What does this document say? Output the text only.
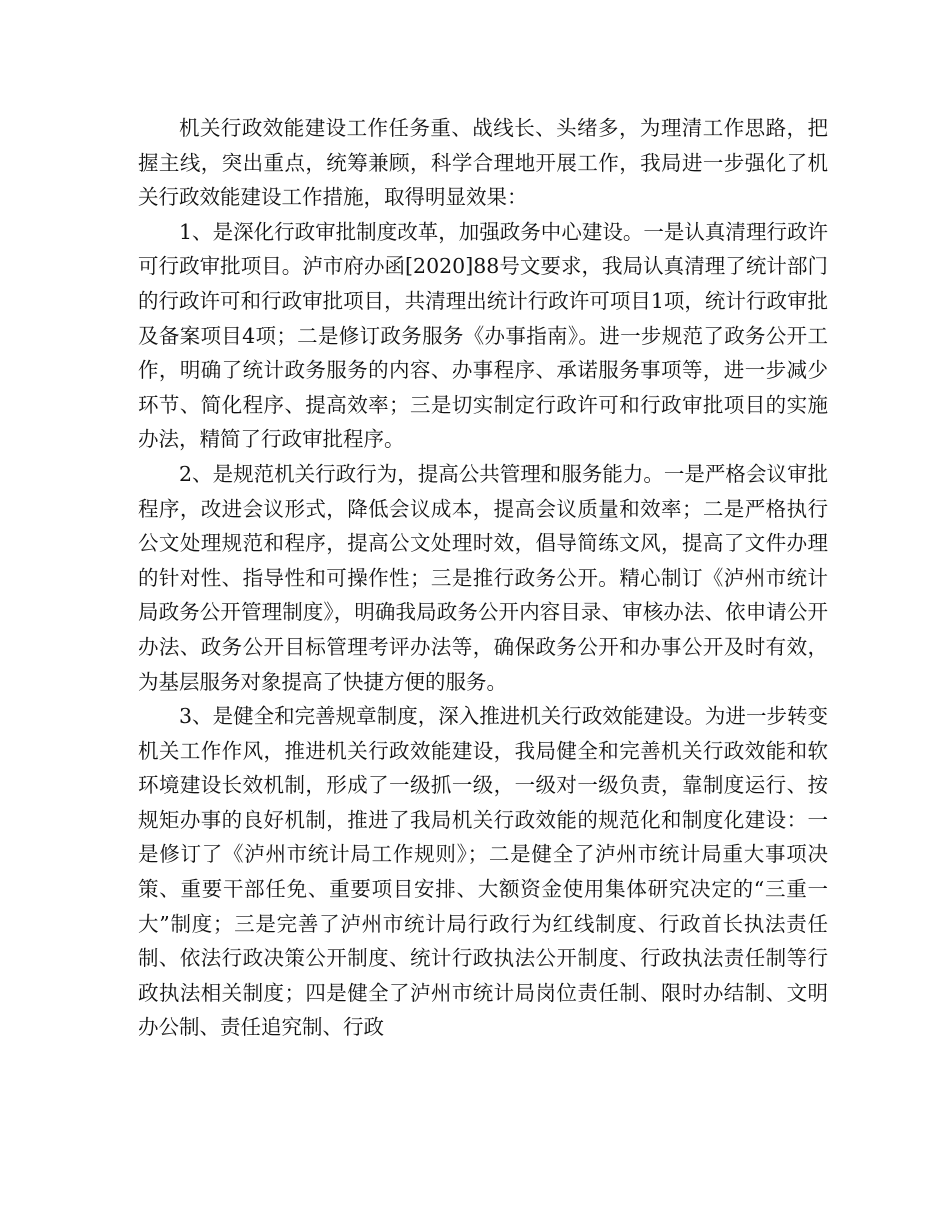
机关行政效能建设工作任务重、战线长、头绪多，为理清工作思路，把握主线，突出重点，统筹兼顾，科学合理地开展工作，我局进一步强化了机关行政效能建设工作措施，取得明显效果：

1、是深化行政审批制度改革，加强政务中心建设。一是认真清理行政许可行政审批项目。泸市府办函[2020]88号文要求，我局认真清理了统计部门的行政许可和行政审批项目，共清理出统计行政许可项目1项，统计行政审批及备案项目4项；二是修订政务服务《办事指南》。进一步规范了政务公开工作，明确了统计政务服务的内容、办事程序、承诺服务事项等，进一步减少环节、简化程序、提高效率；三是切实制定行政许可和行政审批项目的实施办法，精简了行政审批程序。

2、是规范机关行政行为，提高公共管理和服务能力。一是严格会议审批程序，改进会议形式，降低会议成本，提高会议质量和效率；二是严格执行公文处理规范和程序，提高公文处理时效，倡导简练文风，提高了文件办理的针对性、指导性和可操作性；三是推行政务公开。精心制订《泸州市统计局政务公开管理制度》，明确我局政务公开内容目录、审核办法、依申请公开办法、政务公开目标管理考评办法等，确保政务公开和办事公开及时有效，为基层服务对象提高了快捷方便的服务。

3、是健全和完善规章制度，深入推进机关行政效能建设。为进一步转变机关工作作风，推进机关行政效能建设，我局健全和完善机关行政效能和软环境建设长效机制，形成了一级抓一级，一级对一级负责，靠制度运行、按规矩办事的良好机制，推进了我局机关行政效能的规范化和制度化建设：一是修订了《泸州市统计局工作规则》；二是健全了泸州市统计局重大事项决策、重要干部任免、重要项目安排、大额资金使用集体研究决定的“三重一大”制度；三是完善了泸州市统计局行政行为红线制度、行政首长执法责任制、依法行政决策公开制度、统计行政执法公开制度、行政执法责任制等行政执法相关制度；四是健全了泸州市统计局岗位责任制、限时办结制、文明办公制、责任追究制、行政
